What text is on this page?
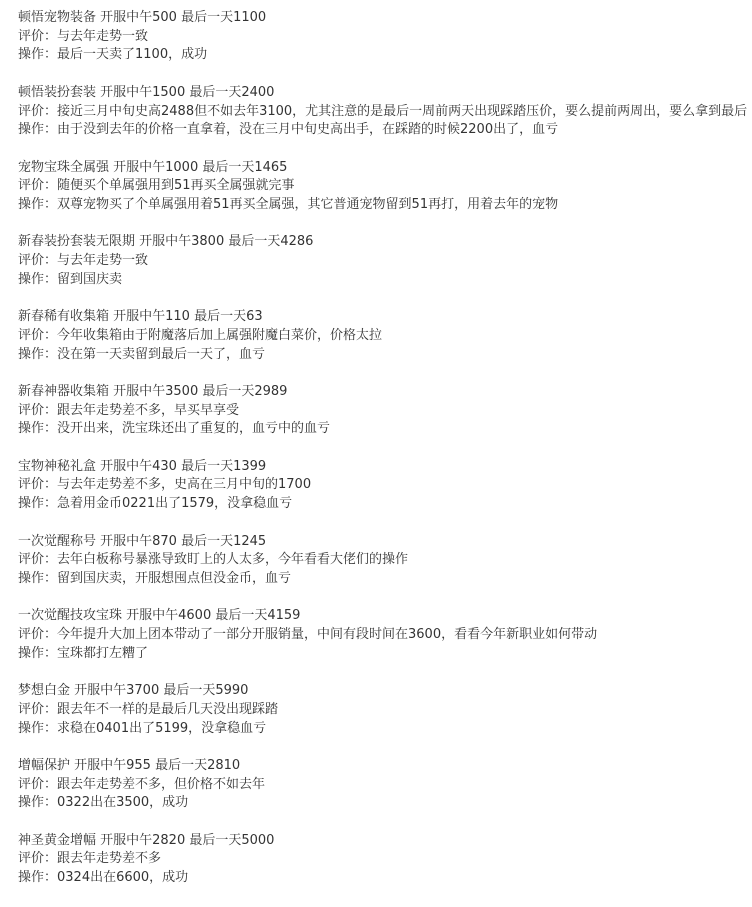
顿悟宠物装备 开服中午500 最后一天1100
评价：与去年走势一致
操作：最后一天卖了1100，成功
顿悟装扮套装 开服中午1500 最后一天2400
评价：接近三月中旬史高2488但不如去年3100，尤其注意的是最后一周前两天出现踩踏压价，要么提前两周出，要么拿到最后
操作：由于没到去年的价格一直拿着，没在三月中旬史高出手，在踩踏的时候2200出了，血亏
宠物宝珠全属强 开服中午1000 最后一天1465
评价：随便买个单属强用到51再买全属强就完事
操作：双尊宠物买了个单属强用着51再买全属强，其它普通宠物留到51再打，用着去年的宠物
新春装扮套装无限期 开服中午3800 最后一天4286
评价：与去年走势一致
操作：留到国庆卖
新春稀有收集箱 开服中午110 最后一天63
评价：今年收集箱由于附魔落后加上属强附魔白菜价，价格太拉
操作：没在第一天卖留到最后一天了，血亏
新春神器收集箱 开服中午3500 最后一天2989
评价：跟去年走势差不多，早买早享受
操作：没开出来，洗宝珠还出了重复的，血亏中的血亏
宝物神秘礼盒 开服中午430 最后一天1399
评价：与去年走势差不多，史高在三月中旬的1700
操作：急着用金币0221出了1579，没拿稳血亏
一次觉醒称号 开服中午870 最后一天1245
评价：去年白板称号暴涨导致盯上的人太多，今年看看大佬们的操作
操作：留到国庆卖，开服想囤点但没金币，血亏
一次觉醒技攻宝珠 开服中午4600 最后一天4159
评价：今年提升大加上团本带动了一部分开服销量，中间有段时间在3600，看看今年新职业如何带动
操作：宝珠都打左糟了
梦想白金 开服中午3700 最后一天5990
评价：跟去年不一样的是最后几天没出现踩踏
操作：求稳在0401出了5199，没拿稳血亏
增幅保护 开服中午955 最后一天2810
评价：跟去年走势差不多，但价格不如去年
操作：0322出在3500，成功
神圣黄金增幅 开服中午2820 最后一天5000
评价：跟去年走势差不多
操作：0324出在6600，成功
